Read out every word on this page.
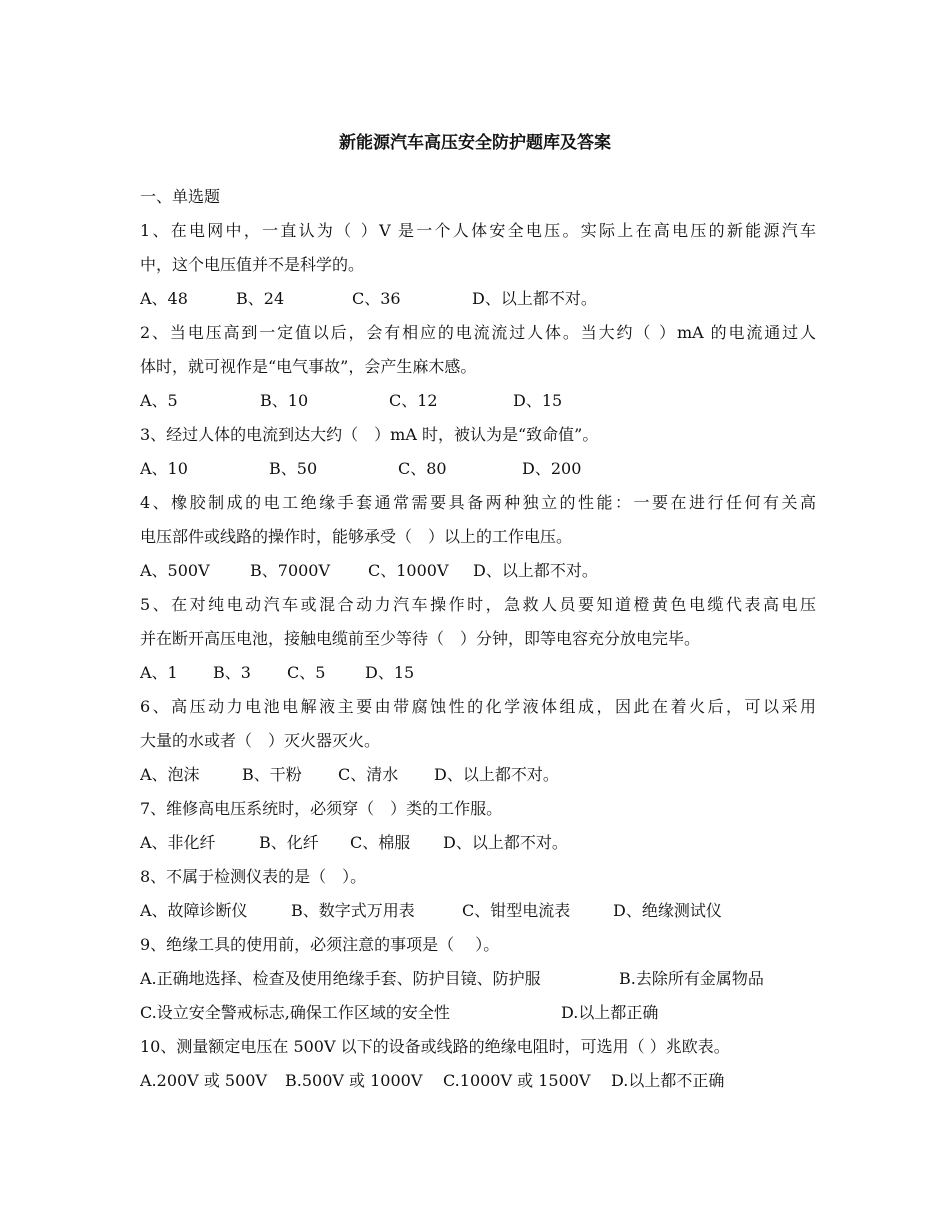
新能源汽车高压安全防护题库及答案
一、单选题
1、在电网中，一直认为（ ）V 是一个人体安全电压。实际上在高电压的新能源汽车
中，这个电压值并不是科学的。
A、48	B、24	C、36	D、以上都不对。
2、当电压高到一定值以后，会有相应的电流流过人体。当大约（ ）mA 的电流通过人
体时，就可视作是“电气事故”，会产生麻木感。
A、5	B、10	C、12	D、15
3、经过人体的电流到达大约（　）mA 时，被认为是“致命值”。
A、10	B、50	C、80	D、200
4、橡胶制成的电工绝缘手套通常需要具备两种独立的性能：一要在进行任何有关高
电压部件或线路的操作时，能够承受（　）以上的工作电压。
A、500V	B、7000V	C、1000V	D、以上都不对。
5、在对纯电动汽车或混合动力汽车操作时，急救人员要知道橙黄色电缆代表高电压
并在断开高压电池，接触电缆前至少等待（　）分钟，即等电容充分放电完毕。
A、1	B、3	C、5	D、15
6、高压动力电池电解液主要由带腐蚀性的化学液体组成，因此在着火后，可以采用
大量的水或者（　）灭火器灭火。
A、泡沫	B、干粉	C、清水	D、以上都不对。
7、维修高电压系统时，必须穿（　）类的工作服。
A、非化纤	B、化纤	C、棉服	D、以上都不对。
8、不属于检测仪表的是（　）。
A、故障诊断仪	B、数字式万用表	C、钳型电流表	D、绝缘测试仪
9、绝缘工具的使用前，必须注意的事项是（　 ）。
A.正确地选择、检查及使用绝缘手套、防护目镜、防护服	B.去除所有金属物品
C.设立安全警戒标志,确保工作区域的安全性	D.以上都正确
10、测量额定电压在 500V 以下的设备或线路的绝缘电阻时，可选用（ ）兆欧表。
A.200V 或 500V	B.500V 或 1000V	C.1000V 或 1500V	D.以上都不正确
